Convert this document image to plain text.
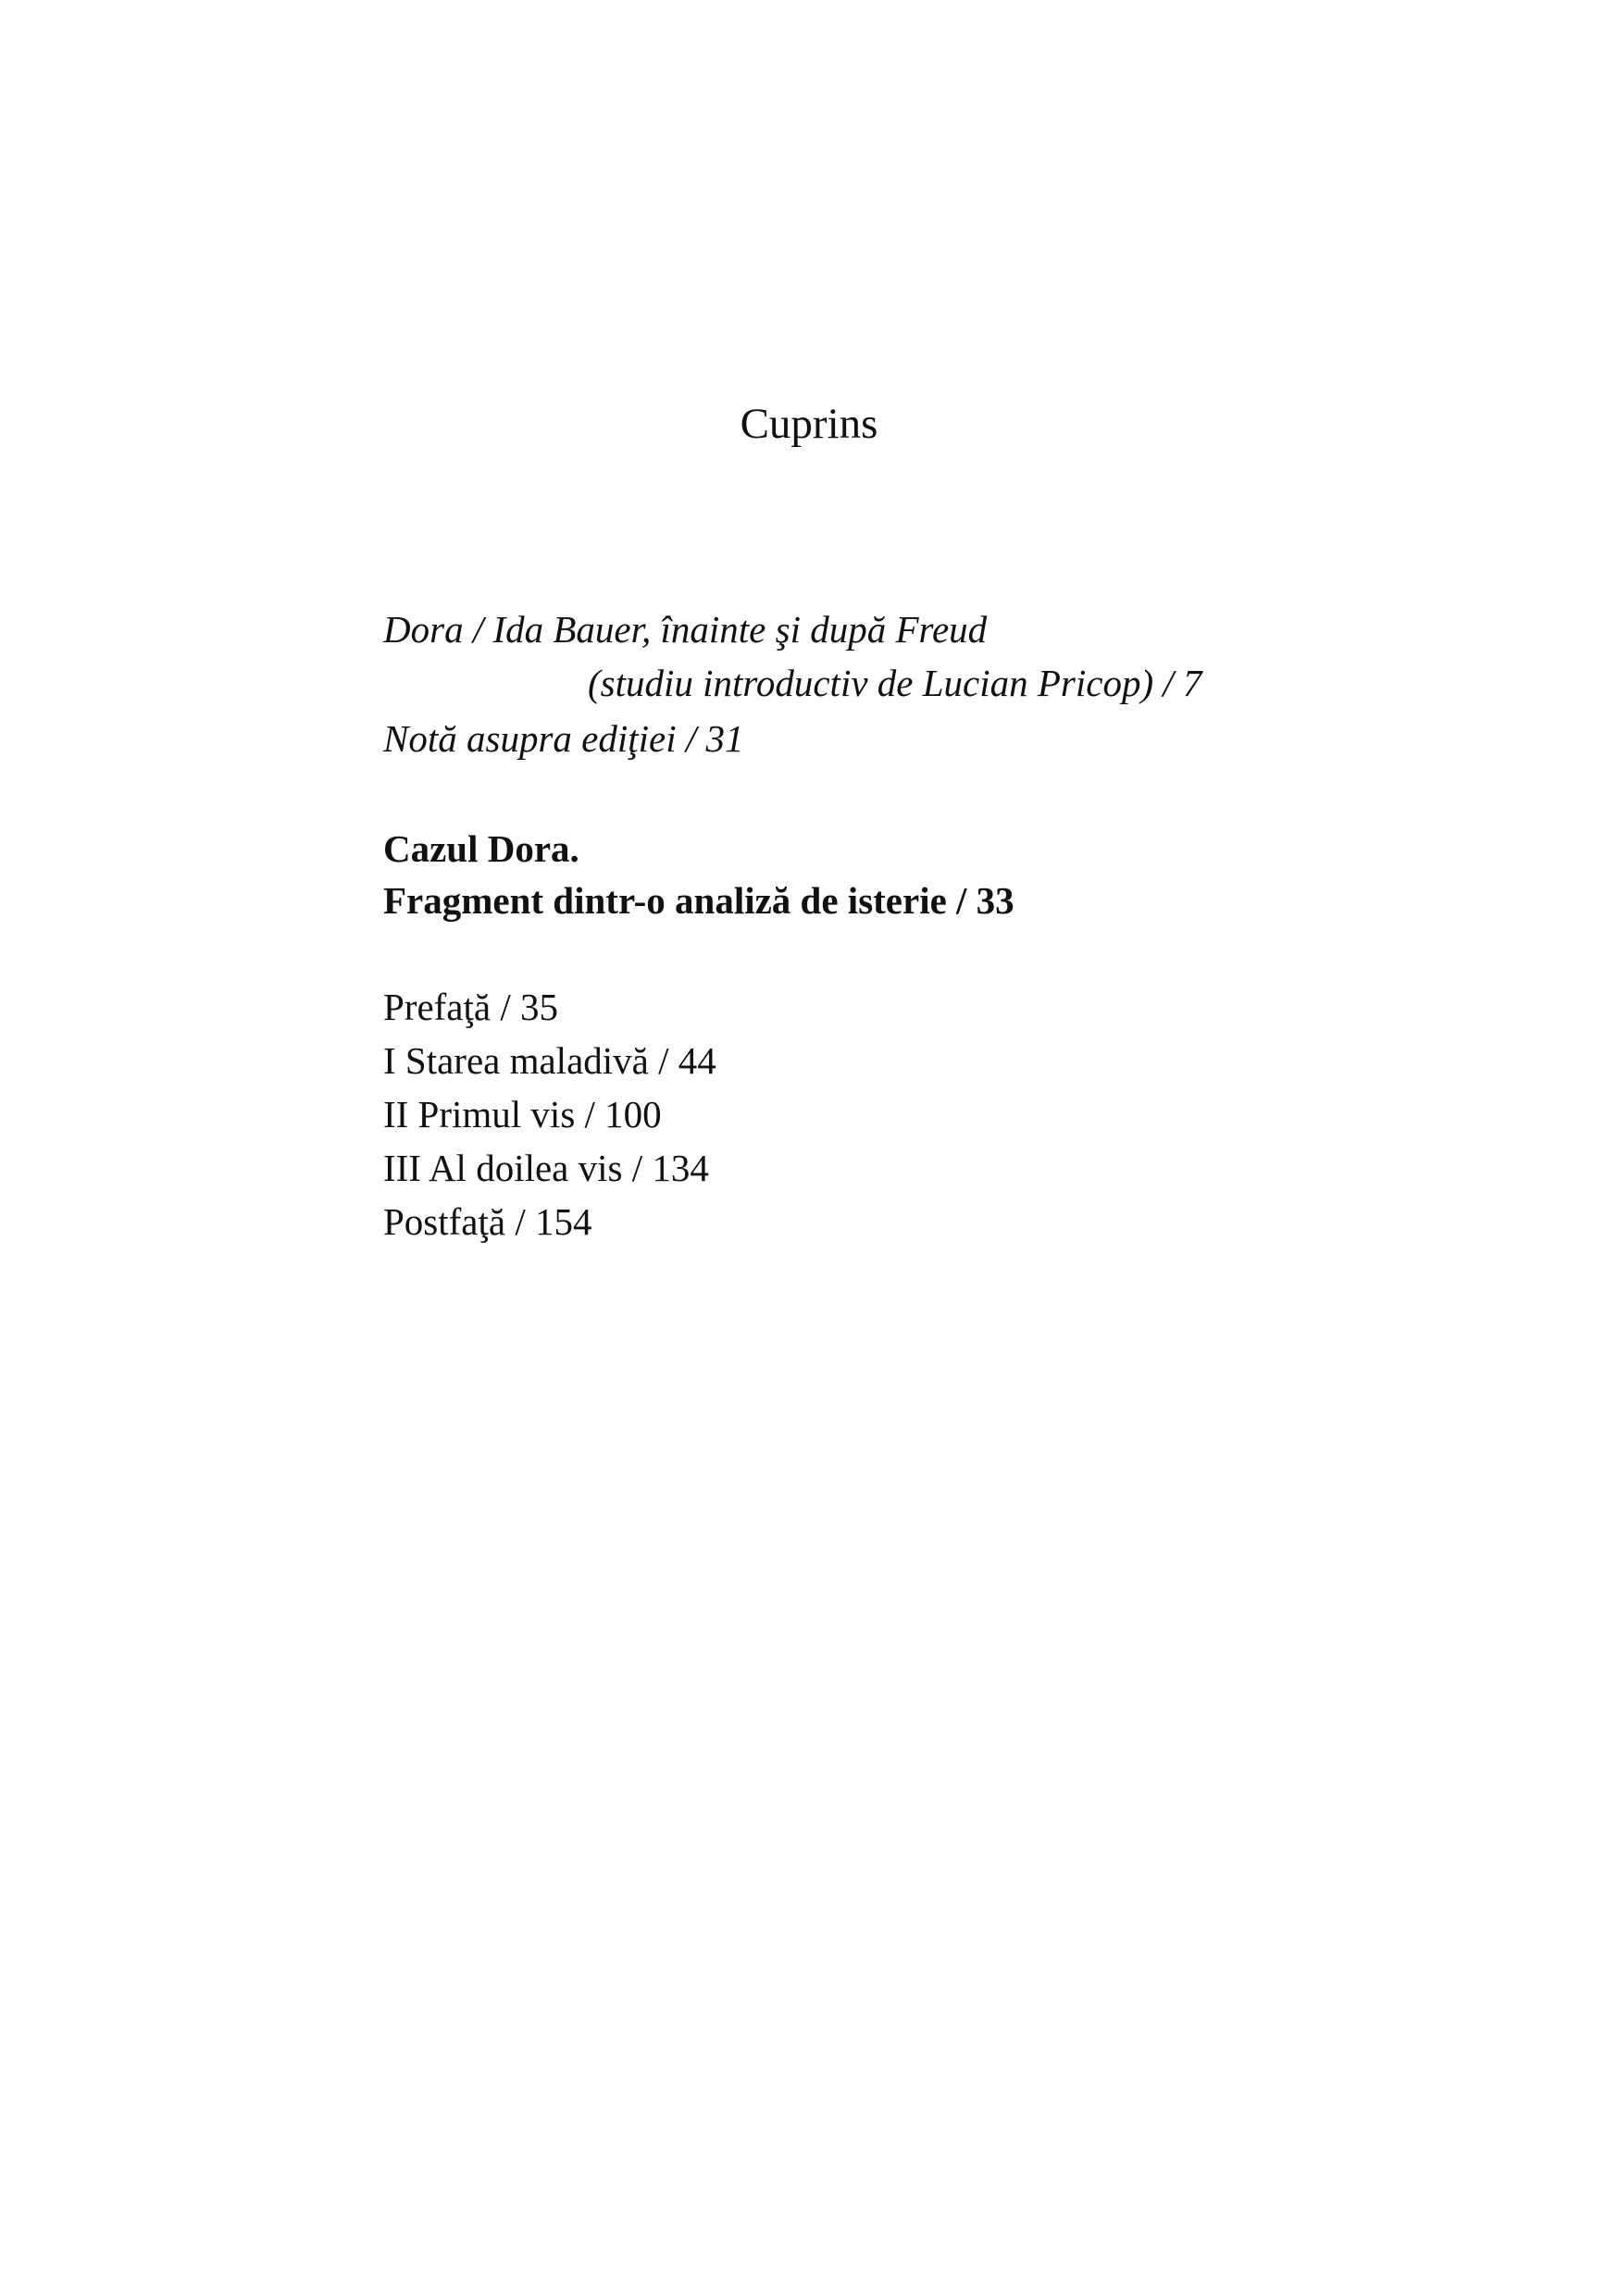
Cuprins
Dora / Ida Bauer, înainte şi după Freud
(studiu introductiv de Lucian Pricop) / 7
Notă asupra ediţiei / 31
Cazul Dora.
Fragment dintr-o analiză de isterie / 33
Prefaţă / 35
I Starea maladivă / 44
II Primul vis / 100
III Al doilea vis / 134
Postfaţă / 154
